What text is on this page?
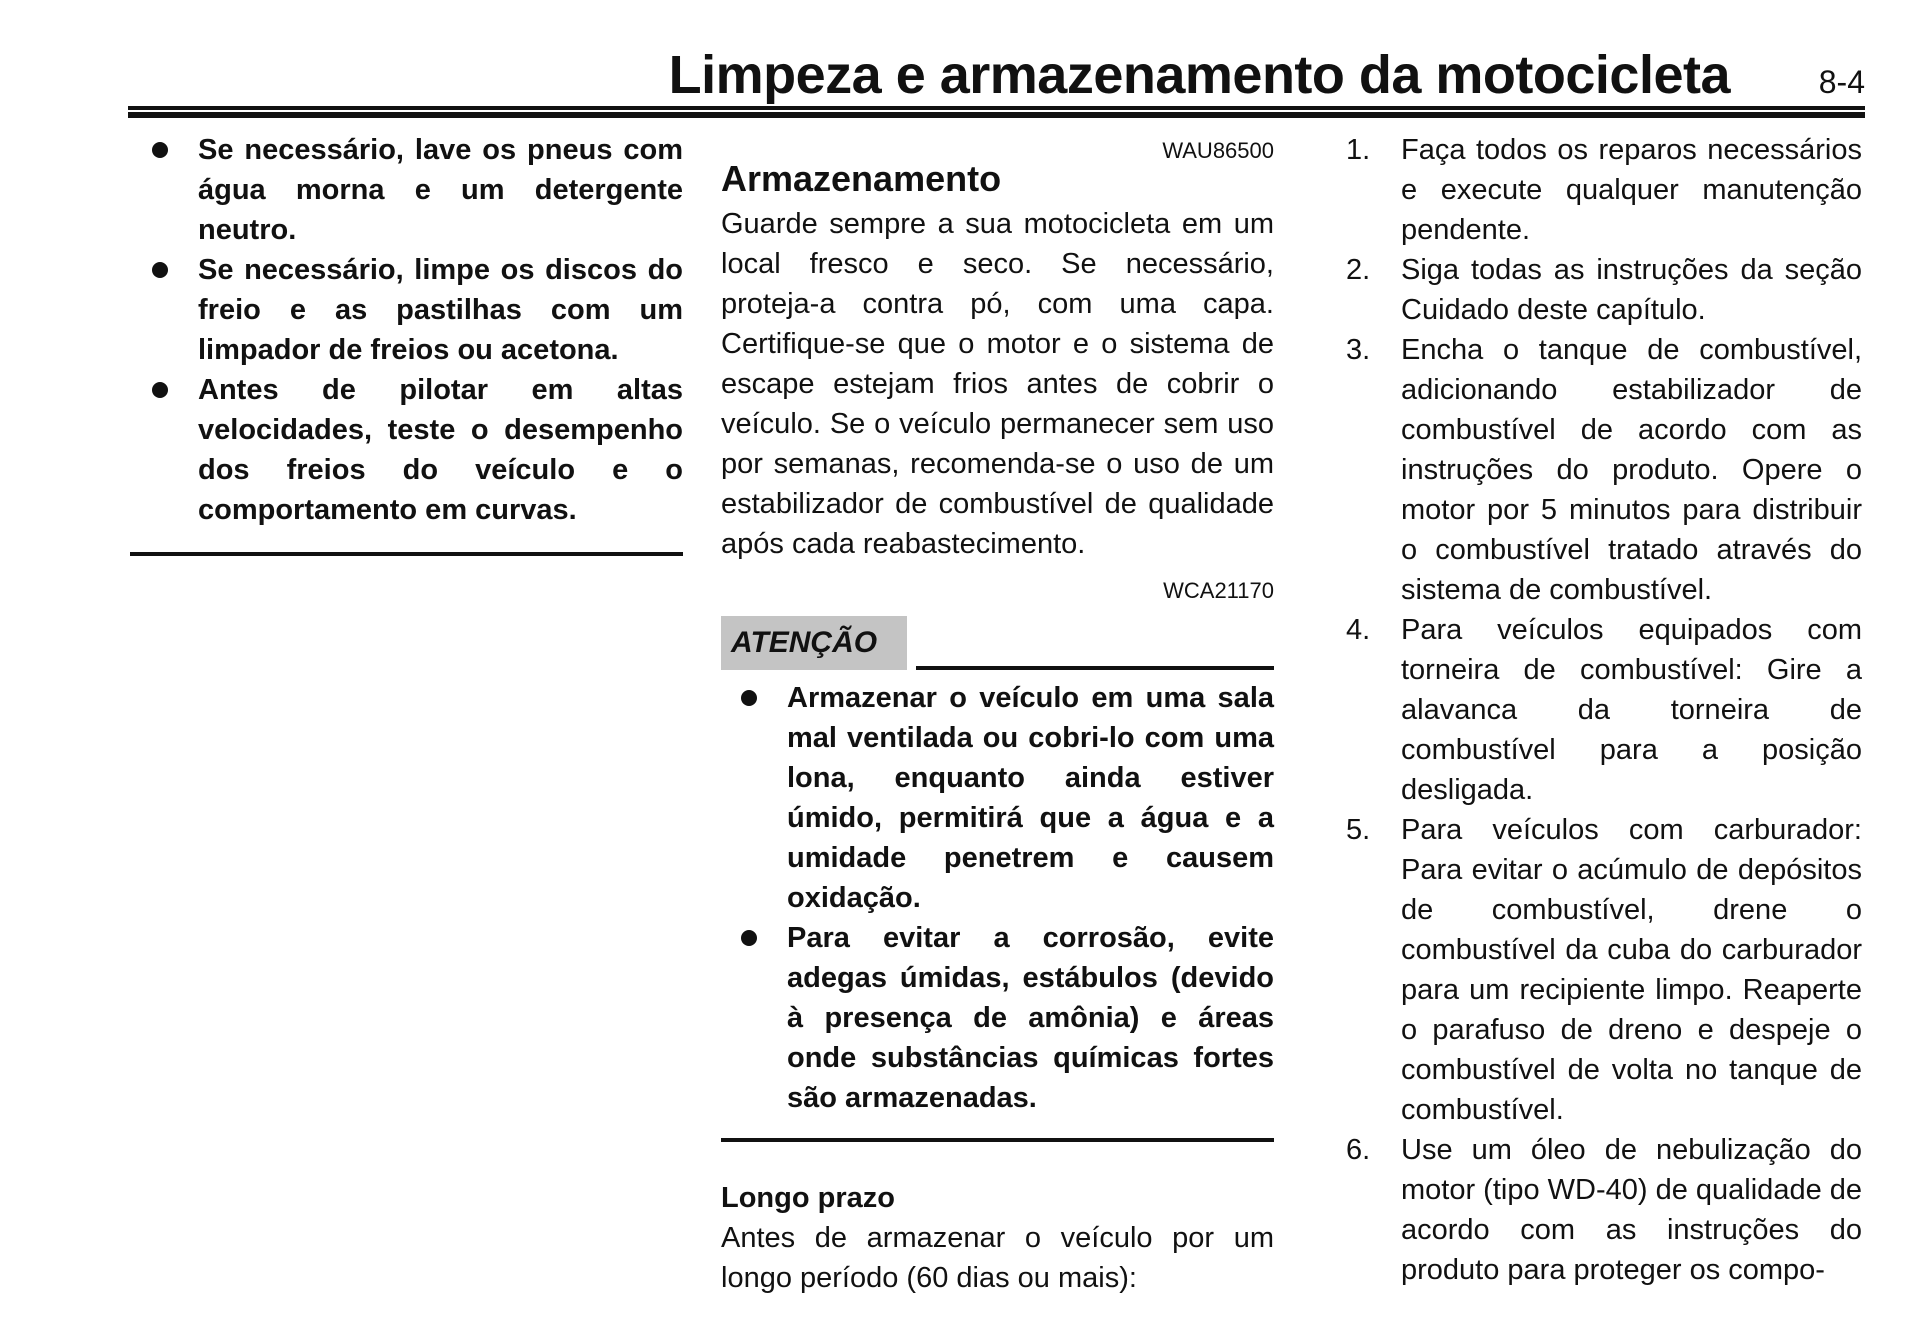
Limpeza e armazenamento da motocicleta	8-4
Se necessário, lave os pneus com água morna e um detergente neutro.
Se necessário, limpe os discos do freio e as pastilhas com um limpador de freios ou acetona.
Antes de pilotar em altas velocidades, teste o desempenho dos freios do veículo e o comportamento em curvas.
WAU86500
Armazenamento

Guarde sempre a sua motocicleta em um local fresco e seco. Se necessário, proteja-a contra pó, com uma capa. Certifique-se que o motor e o sistema de escape estejam frios antes de cobrir o veículo. Se o veículo permanecer sem uso por semanas, recomenda-se o uso de um estabilizador de combustível de qualidade após cada reabastecimento.

WCA21170
ATENÇÃO
Armazenar o veículo em uma sala mal ventilada ou cobri-lo com uma lona, enquanto ainda estiver úmido, permitirá que a água e a umidade penetrem e causem oxidação.
Para evitar a corrosão, evite adegas úmidas, estábulos (devido à presença de amônia) e áreas onde substâncias químicas fortes são armazenadas.
Longo prazo

Antes de armazenar o veículo por um longo período (60 dias ou mais):

1. Faça todos os reparos necessários e execute qualquer manutenção pendente.
2. Siga todas as instruções da seção Cuidado deste capítulo.
3. Encha o tanque de combustível, adicionando estabilizador de combustível de acordo com as instruções do produto. Opere o motor por 5 minutos para distribuir o combustível tratado através do sistema de combustível.
4. Para veículos equipados com torneira de combustível: Gire a alavanca da torneira de combustível para a posição desligada.
5. Para veículos com carburador: Para evitar o acúmulo de depósitos de combustível, drene o combustível da cuba do carburador para um recipiente limpo. Reaperte o parafuso de dreno e despeje o combustível de volta no tanque de combustível.
6. Use um óleo de nebulização do motor (tipo WD-40) de qualidade de acordo com as instruções do produto para proteger os compo-
